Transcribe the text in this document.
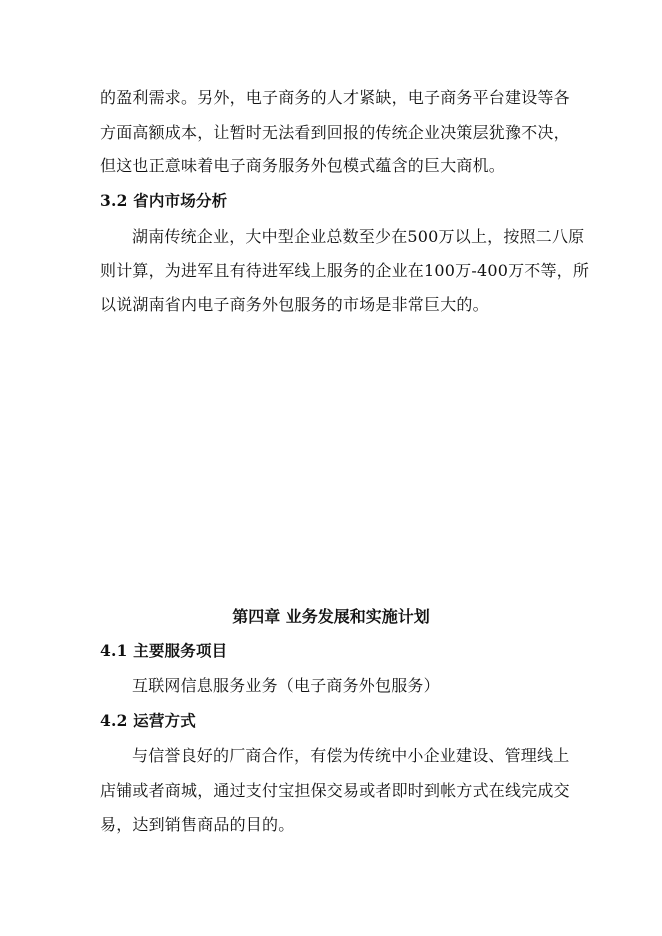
的盈利需求。另外，电子商务的人才紧缺，电子商务平台建设等各
方面高额成本，让暂时无法看到回报的传统企业决策层犹豫不决，
但这也正意味着电子商务服务外包模式蕴含的巨大商机。
3.2 省内市场分析
湖南传统企业，大中型企业总数至少在500万以上，按照二八原
则计算，为进军且有待进军线上服务的企业在100万-400万不等，所
以说湖南省内电子商务外包服务的市场是非常巨大的。
第四章 业务发展和实施计划
4.1 主要服务项目
互联网信息服务业务（电子商务外包服务）
4.2 运营方式
与信誉良好的厂商合作，有偿为传统中小企业建设、管理线上
店铺或者商城，通过支付宝担保交易或者即时到帐方式在线完成交
易，达到销售商品的目的。
